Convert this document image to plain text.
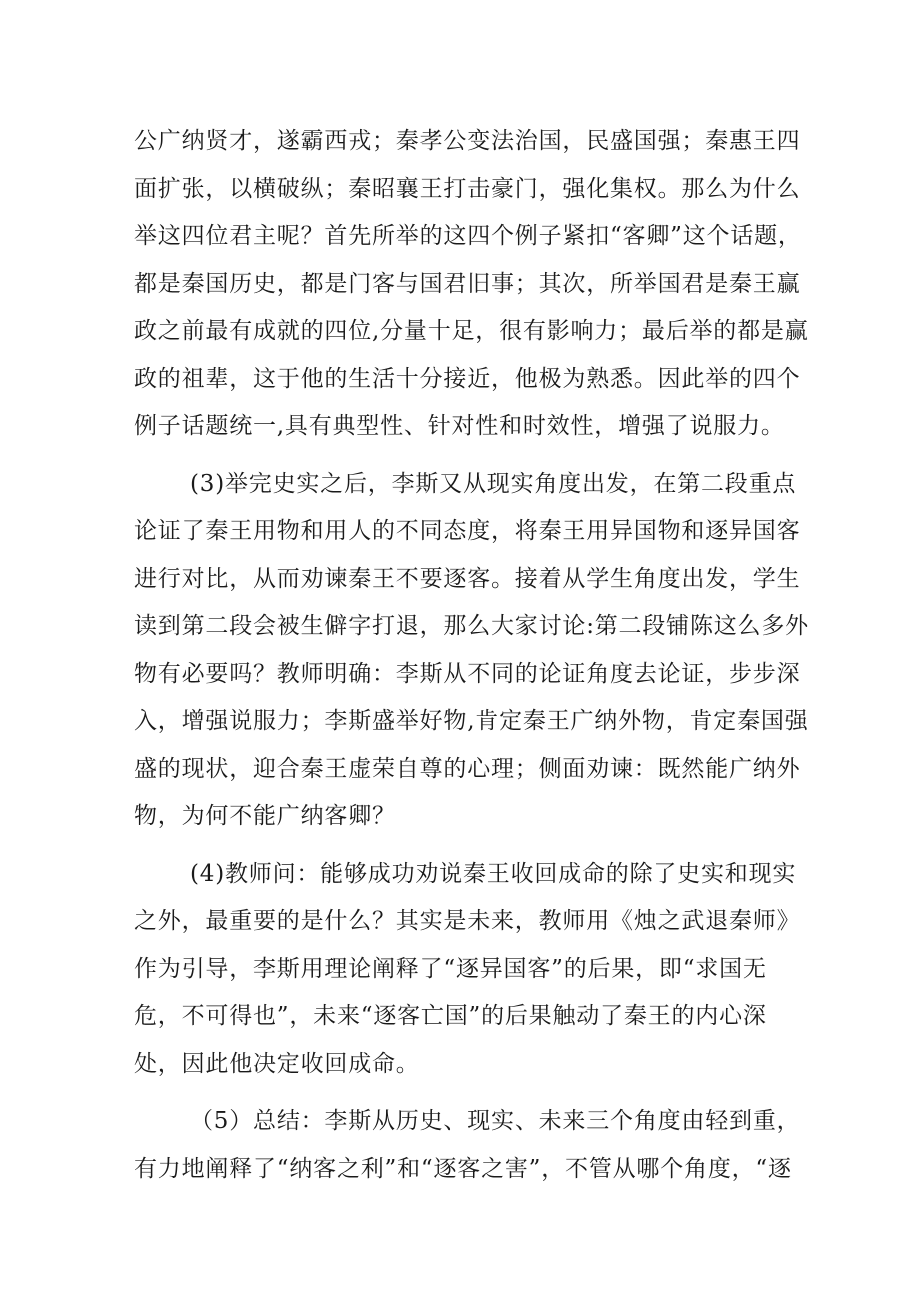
公广纳贤才，遂霸西戎；秦孝公变法治国，民盛国强；秦惠王四
面扩张，以横破纵；秦昭襄王打击豪门，强化集权。那么为什么
举这四位君主呢？首先所举的这四个例子紧扣“客卿”这个话题，
都是秦国历史，都是门客与国君旧事；其次，所举国君是秦王赢
政之前最有成就的四位,分量十足，很有影响力；最后举的都是赢
政的祖辈，这于他的生活十分接近，他极为熟悉。因此举的四个
例子话题统一,具有典型性、针对性和时效性，增强了说服力。
(3)举完史实之后，李斯又从现实角度出发，在第二段重点
论证了秦王用物和用人的不同态度，将秦王用异国物和逐异国客
进行对比，从而劝谏秦王不要逐客。接着从学生角度出发，学生
读到第二段会被生僻字打退，那么大家讨论:第二段铺陈这么多外
物有必要吗？教师明确：李斯从不同的论证角度去论证，步步深
入，增强说服力；李斯盛举好物,肯定秦王广纳外物，肯定秦国强
盛的现状，迎合秦王虚荣自尊的心理；侧面劝谏：既然能广纳外
物，为何不能广纳客卿？
(4)教师问：能够成功劝说秦王收回成命的除了史实和现实
之外，最重要的是什么？其实是未来，教师用《烛之武退秦师》
作为引导，李斯用理论阐释了“逐异国客”的后果，即“求国无
危，不可得也”，未来“逐客亡国”的后果触动了秦王的内心深
处，因此他决定收回成命。
（5）总结：李斯从历史、现实、未来三个角度由轻到重，
有力地阐释了“纳客之利”和“逐客之害”，不管从哪个角度，“逐
